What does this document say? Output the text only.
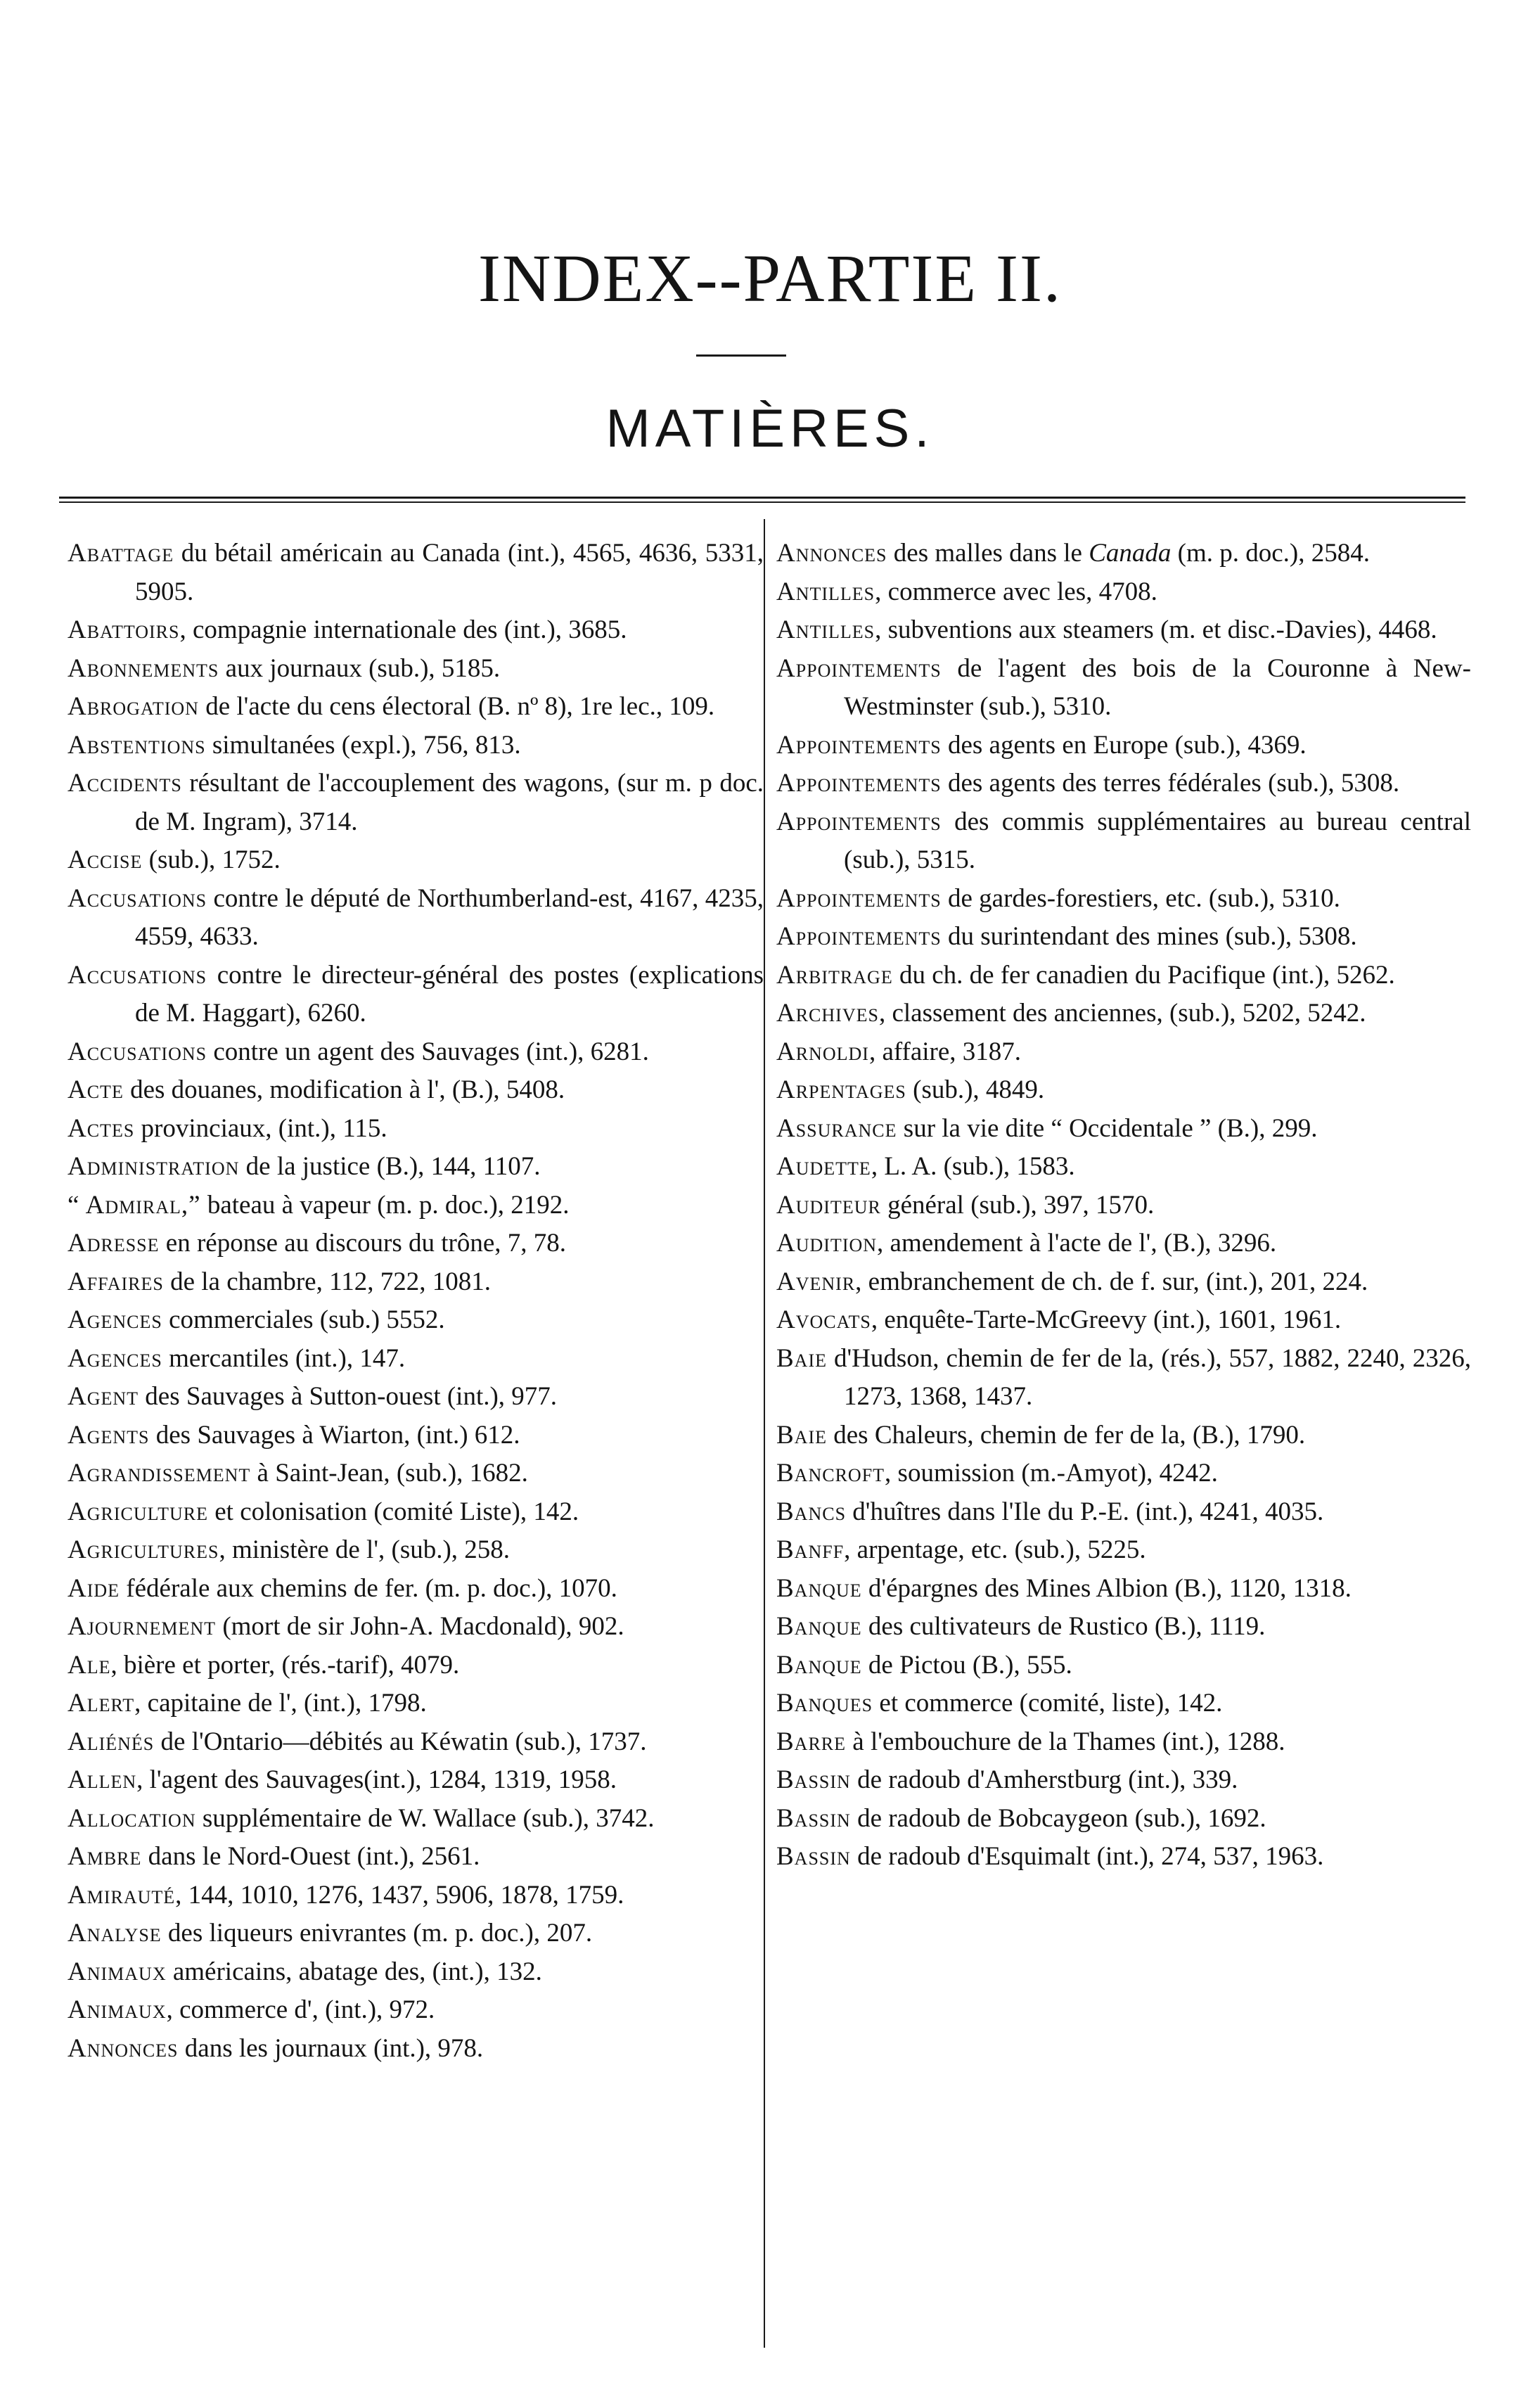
INDEX--PARTIE II.
MATIÈRES.

Abattage du bétail américain au Canada (int.), 4565, 4636, 5331, 5905.

Abattoirs, compagnie internationale des (int.), 3685.

Abonnements aux journaux (sub.), 5185.

Abrogation de l'acte du cens électoral (B. nº 8), 1re lec., 109.

Abstentions simultanées (expl.), 756, 813.

Accidents résultant de l'accouplement des wagons, (sur m. p doc. de M. Ingram), 3714.

Accise (sub.), 1752.

Accusations contre le député de Northumberland-est, 4167, 4235, 4559, 4633.

Accusations contre le directeur-général des postes (explications de M. Haggart), 6260.

Accusations contre un agent des Sauvages (int.), 6281.

Acte des douanes, modification à l', (B.), 5408.

Actes provinciaux, (int.), 115.

Administration de la justice (B.), 144, 1107.

“ Admiral,” bateau à vapeur (m. p. doc.), 2192.

Adresse en réponse au discours du trône, 7, 78.

Affaires de la chambre, 112, 722, 1081.

Agences commerciales (sub.) 5552.

Agences mercantiles (int.), 147.

Agent des Sauvages à Sutton-ouest (int.), 977.

Agents des Sauvages à Wiarton, (int.) 612.

Agrandissement à Saint-Jean, (sub.), 1682.

Agriculture et colonisation (comité Liste), 142.

Agricultures, ministère de l', (sub.), 258.

Aide fédérale aux chemins de fer. (m. p. doc.), 1070.

Ajournement (mort de sir John-A. Macdonald), 902.

Ale, bière et porter, (rés.-tarif), 4079.

Alert, capitaine de l', (int.), 1798.

Aliénés de l'Ontario—débités au Kéwatin (sub.), 1737.

Allen, l'agent des Sauvages(int.), 1284, 1319, 1958.

Allocation supplémentaire de W. Wallace (sub.), 3742.

Ambre dans le Nord-Ouest (int.), 2561.

Amirauté, 144, 1010, 1276, 1437, 5906, 1878, 1759.

Analyse des liqueurs enivrantes (m. p. doc.), 207.

Animaux américains, abatage des, (int.), 132.

Animaux, commerce d', (int.), 972.

Annonces dans les journaux (int.), 978.

Annonces des malles dans le Canada (m. p. doc.), 2584.

Antilles, commerce avec les, 4708.

Antilles, subventions aux steamers (m. et disc.-Davies), 4468.

Appointements de l'agent des bois de la Couronne à New-Westminster (sub.), 5310.

Appointements des agents en Europe (sub.), 4369.

Appointements des agents des terres fédérales (sub.), 5308.

Appointements des commis supplémentaires au bureau central (sub.), 5315.

Appointements de gardes-forestiers, etc. (sub.), 5310.

Appointements du surintendant des mines (sub.), 5308.

Arbitrage du ch. de fer canadien du Pacifique (int.), 5262.

Archives, classement des anciennes, (sub.), 5202, 5242.

Arnoldi, affaire, 3187.

Arpentages (sub.), 4849.

Assurance sur la vie dite “ Occidentale ” (B.), 299.

Audette, L. A. (sub.), 1583.

Auditeur général (sub.), 397, 1570.

Audition, amendement à l'acte de l', (B.), 3296.

Avenir, embranchement de ch. de f. sur, (int.), 201, 224.

Avocats, enquête-Tarte-McGreevy (int.), 1601, 1961.

Baie d'Hudson, chemin de fer de la, (rés.), 557, 1882, 2240, 2326, 1273, 1368, 1437.

Baie des Chaleurs, chemin de fer de la, (B.), 1790.

Bancroft, soumission (m.-Amyot), 4242.

Bancs d'huîtres dans l'Ile du P.-E. (int.), 4241, 4035.

Banff, arpentage, etc. (sub.), 5225.

Banque d'épargnes des Mines Albion (B.), 1120, 1318.

Banque des cultivateurs de Rustico (B.), 1119.

Banque de Pictou (B.), 555.

Banques et commerce (comité, liste), 142.

Barre à l'embouchure de la Thames (int.), 1288.

Bassin de radoub d'Amherstburg (int.), 339.

Bassin de radoub de Bobcaygeon (sub.), 1692.

Bassin de radoub d'Esquimalt (int.), 274, 537, 1963.
